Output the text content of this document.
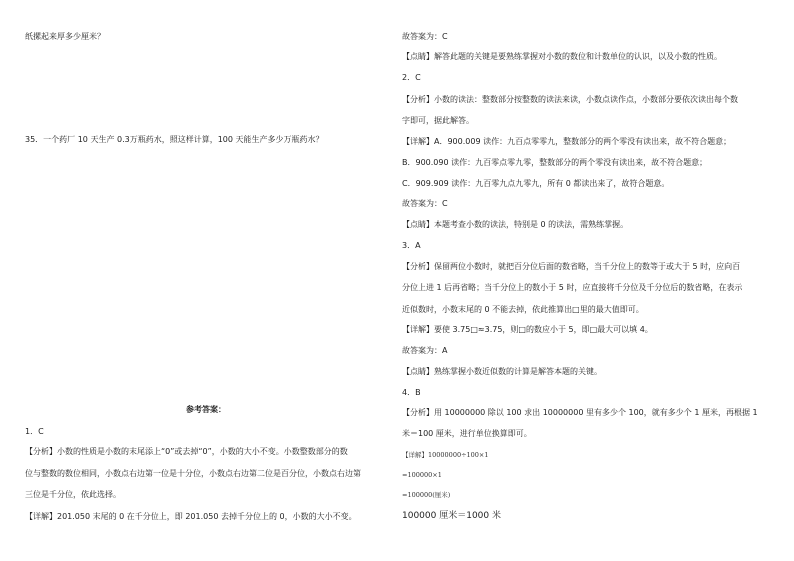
纸摞起来厚多少厘米？
35．一个药厂 10 天生产 0.3万瓶药水，照这样计算，100 天能生产多少万瓶药水？
参考答案：
1．C
【分析】小数的性质是小数的末尾添上“0”或去掉“0”，小数的大小不变。小数整数部分的数
位与整数的数位相同，小数点右边第一位是十分位，小数点右边第二位是百分位，小数点右边第
三位是千分位，依此选择。
【详解】201.050 末尾的 0 在千分位上，即 201.050 去掉千分位上的 0，小数的大小不变。
故答案为：C
【点睛】解答此题的关键是要熟练掌握对小数的数位和计数单位的认识，以及小数的性质。
2．C
【分析】小数的读法：整数部分按整数的读法来读，小数点读作点，小数部分要依次读出每个数
字即可，据此解答。
【详解】A．900.009 读作：九百点零零九，整数部分的两个零没有读出来，故不符合题意；
B．900.090 读作：九百零点零九零，整数部分的两个零没有读出来，故不符合题意；
C．909.909 读作：九百零九点九零九，所有 0 都读出来了，故符合题意。
故答案为：C
【点睛】本题考查小数的读法，特别是 0 的读法，需熟练掌握。
3．A
【分析】保留两位小数时，就把百分位后面的数省略，当千分位上的数等于或大于 5 时，应向百
分位上进 1 后再省略；当千分位上的数小于 5 时，应直接将千分位及千分位后的数省略，在表示
近似数时，小数末尾的 0 不能去掉，依此推算出□里的最大值即可。
【详解】要使 3.75□≈3.75，则□的数应小于 5，即□最大可以填 4。
故答案为：A
【点睛】熟练掌握小数近似数的计算是解答本题的关键。
4．B
【分析】用 10000000 除以 100 求出 10000000 里有多少个 100，就有多少个 1 厘米，再根据 1
米＝100 厘米，进行单位换算即可。
【详解】10000000÷100×1
=100000×1
=100000(厘米)
100000 厘米＝1000 米
